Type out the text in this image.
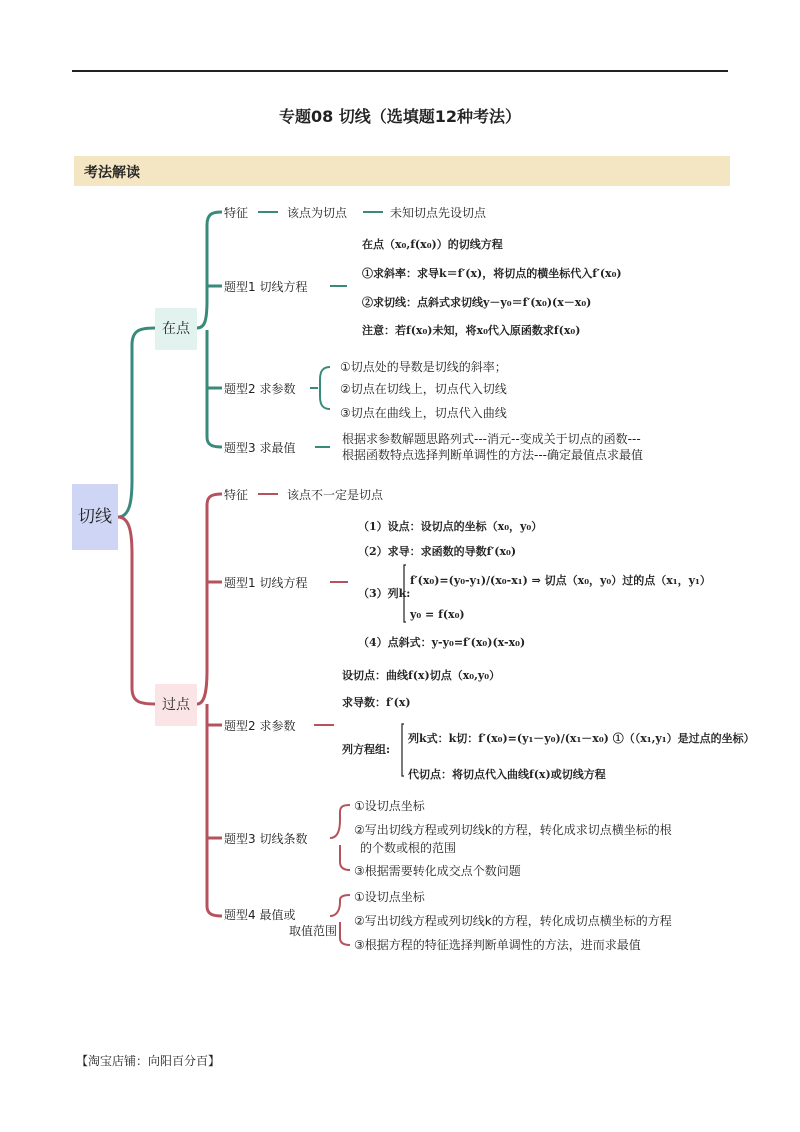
专题08 切线（选填题12种考法）
考法解读
切线
在点
过点
特征	该点为切点	未知切点先设切点
题型1 切线方程
在点（x₀,f(x₀)）的切线方程
①求斜率：求导k＝f′(x)，将切点的横坐标代入f′(x₀)
②求切线：点斜式求切线y－y₀＝f′(x₀)(x－x₀)
注意：若f(x₀)未知，将x₀代入原函数求f(x₀)
题型2 求参数
①切点处的导数是切线的斜率；
②切点在切线上，切点代入切线
③切点在曲线上，切点代入曲线
题型3 求最值
根据求参数解题思路列式---消元--变成关于切点的函数---
根据函数特点选择判断单调性的方法---确定最值点求最值
特征	该点不一定是切点
题型1 切线方程
（1）设点：设切点的坐标（x₀，y₀）
（2）求导：求函数的导数f′(x₀)
（3）列k:
f′(x₀)=(y₀-y₁)/(x₀-x₁) ⇒ 切点（x₀，y₀）过的点（x₁，y₁）
y₀ = f(x₀)
（4）点斜式：y-y₀=f′(x₀)(x-x₀)
题型2 求参数
设切点：曲线f(x)切点（x₀,y₀）
求导数：f′(x)
列方程组:
列k式：k切：f′(x₀)=(y₁－y₀)/(x₁－x₀) ①（（x₁,y₁）是过点的坐标）
代切点：将切点代入曲线f(x)或切线方程
题型3 切线条数
①设切点坐标
②写出切线方程或列切线k的方程，转化成求切点横坐标的根
的个数或根的范围
③根据需要转化成交点个数问题
题型4 最值或
取值范围
①设切点坐标
②写出切线方程或列切线k的方程，转化成切点横坐标的方程
③根据方程的特征选择判断单调性的方法，进而求最值
【淘宝店铺：向阳百分百】
